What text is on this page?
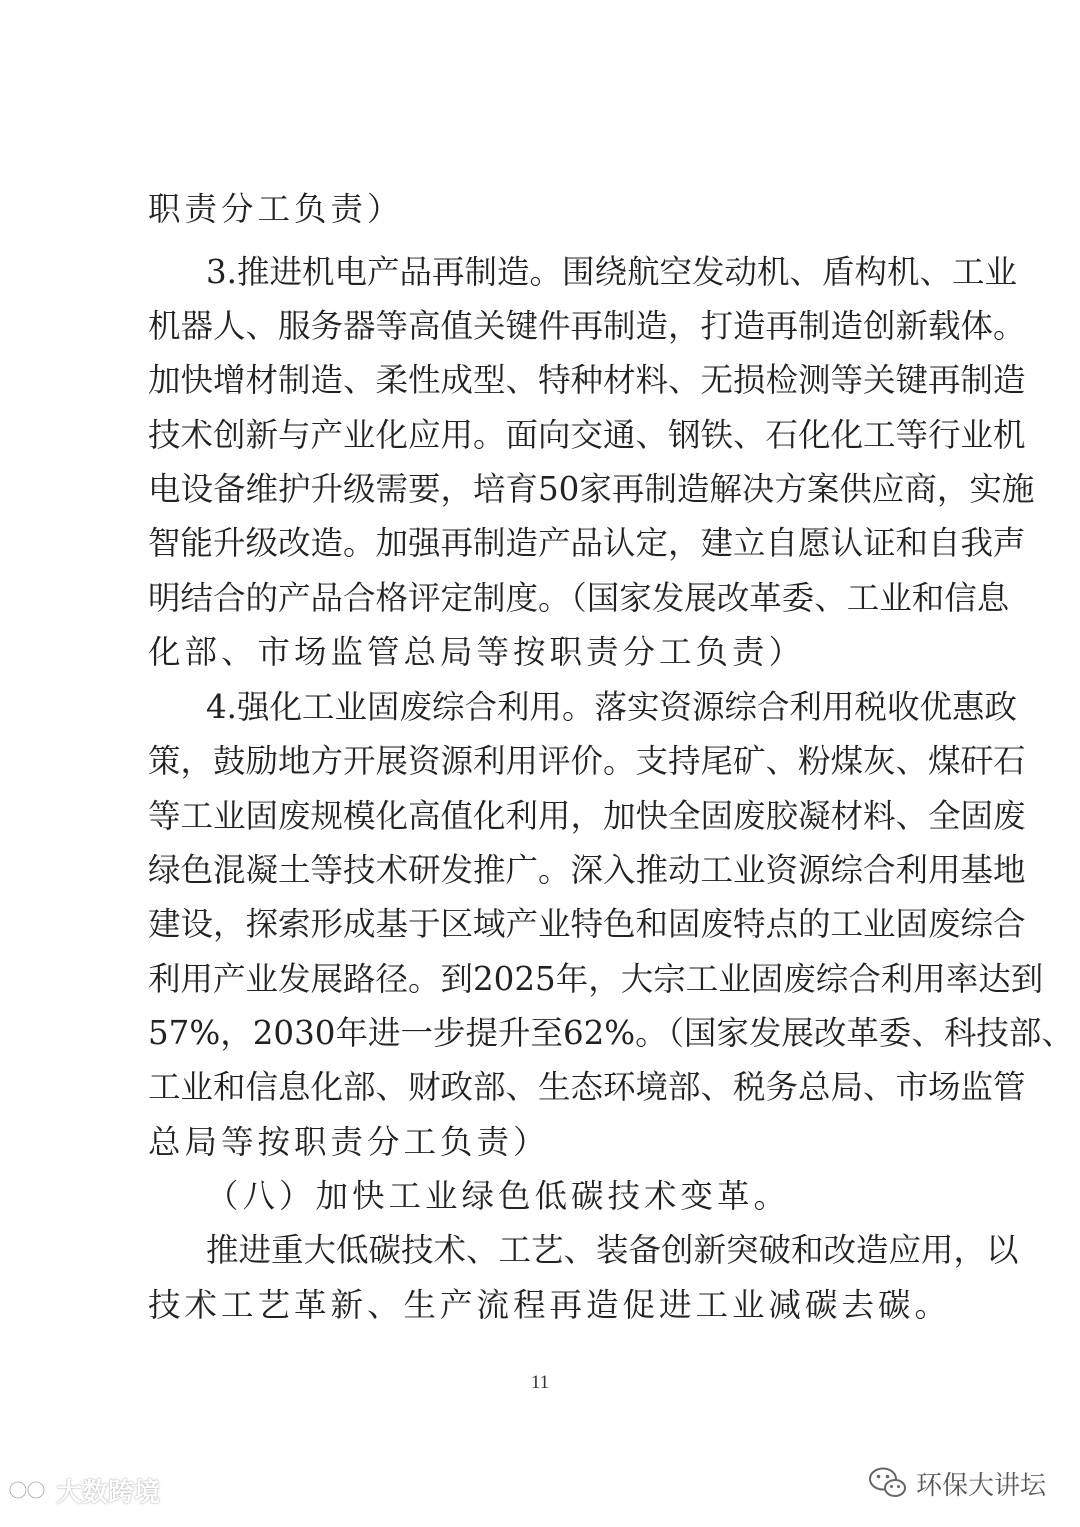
职责分工负责）
3.推进机电产品再制造。围绕航空发动机、盾构机、工业
机器人、服务器等高值关键件再制造，打造再制造创新载体。
加快增材制造、柔性成型、特种材料、无损检测等关键再制造
技术创新与产业化应用。面向交通、钢铁、石化化工等行业机
电设备维护升级需要，培育50家再制造解决方案供应商，实施
智能升级改造。加强再制造产品认定，建立自愿认证和自我声
明结合的产品合格评定制度。（国家发展改革委、工业和信息
化部、市场监管总局等按职责分工负责）
4.强化工业固废综合利用。落实资源综合利用税收优惠政
策，鼓励地方开展资源利用评价。支持尾矿、粉煤灰、煤矸石
等工业固废规模化高值化利用，加快全固废胶凝材料、全固废
绿色混凝土等技术研发推广。深入推动工业资源综合利用基地
建设，探索形成基于区域产业特色和固废特点的工业固废综合
利用产业发展路径。到2025年，大宗工业固废综合利用率达到
57%，2030年进一步提升至62%。（国家发展改革委、科技部、
工业和信息化部、财政部、生态环境部、税务总局、市场监管
总局等按职责分工负责）
（八）加快工业绿色低碳技术变革。
推进重大低碳技术、工艺、装备创新突破和改造应用，以
技术工艺革新、生产流程再造促进工业减碳去碳。
11
大数跨境	环保大讲坛
